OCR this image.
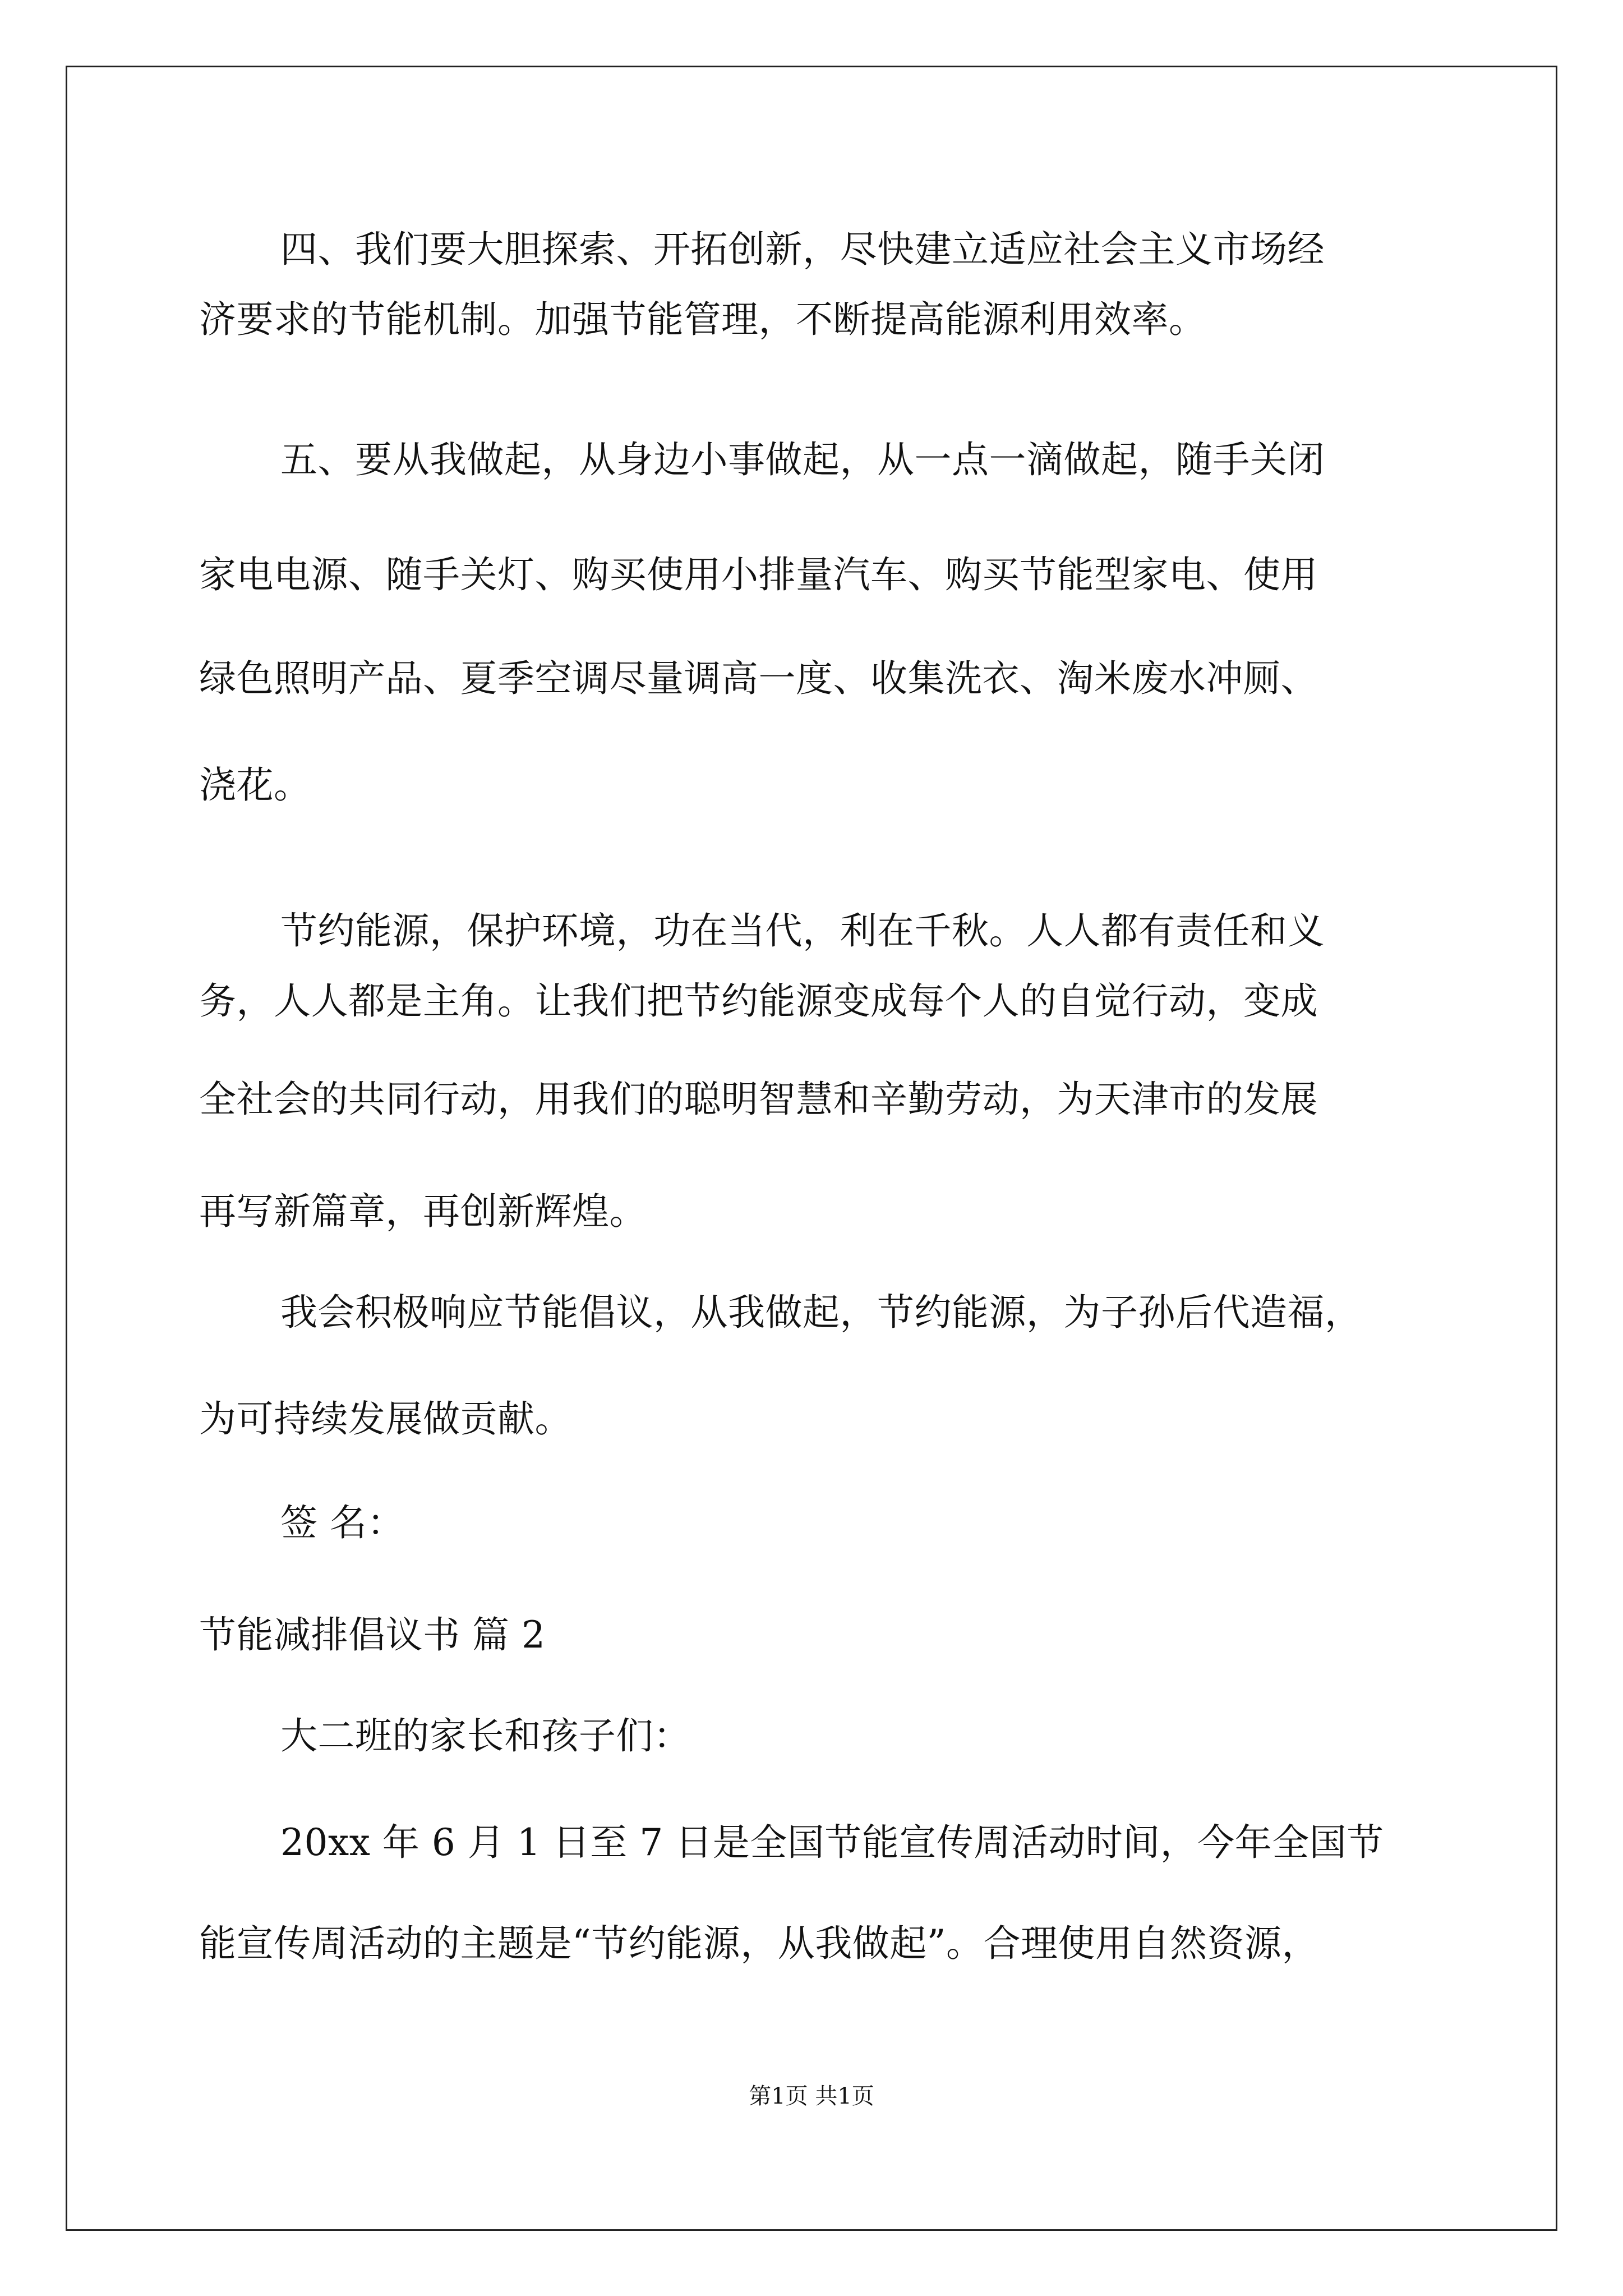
四、我们要大胆探索、开拓创新，尽快建立适应社会主义市场经
济要求的节能机制。加强节能管理，不断提高能源利用效率。
五、要从我做起，从身边小事做起，从一点一滴做起，随手关闭
家电电源、随手关灯、购买使用小排量汽车、购买节能型家电、使用
绿色照明产品、夏季空调尽量调高一度、收集洗衣、淘米废水冲厕、
浇花。
节约能源，保护环境，功在当代，利在千秋。人人都有责任和义
务，人人都是主角。让我们把节约能源变成每个人的自觉行动，变成
全社会的共同行动，用我们的聪明智慧和辛勤劳动，为天津市的发展
再写新篇章，再创新辉煌。
我会积极响应节能倡议，从我做起，节约能源，为子孙后代造福，
为可持续发展做贡献。
签 名：
节能减排倡议书 篇 2
大二班的家长和孩子们：
20xx 年 6 月 1 日至 7 日是全国节能宣传周活动时间，今年全国节
能宣传周活动的主题是“节约能源，从我做起”。合理使用自然资源，
第1页 共1页
